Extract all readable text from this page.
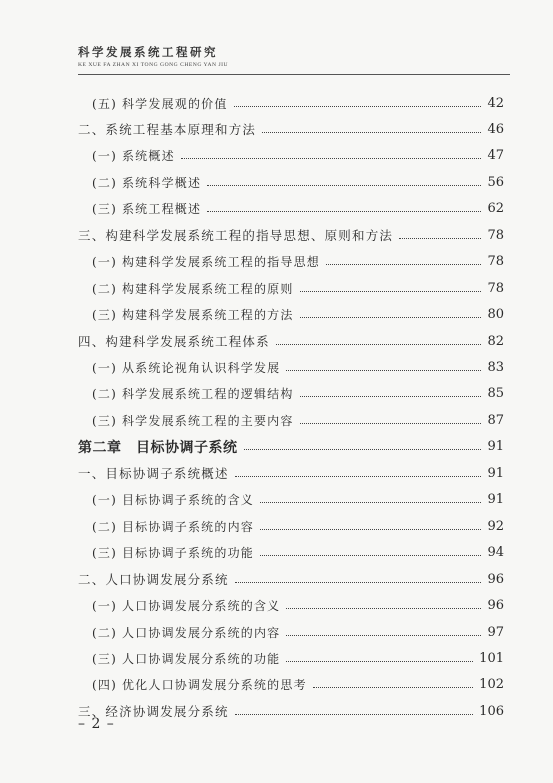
科学发展系统工程研究
KE XUE FA ZHAN XI TONG GONG CHENG YAN JIU
(五) 科学发展观的价值	42
二、系统工程基本原理和方法	46
(一) 系统概述	47
(二) 系统科学概述	56
(三) 系统工程概述	62
三、构建科学发展系统工程的指导思想、原则和方法	78
(一) 构建科学发展系统工程的指导思想	78
(二) 构建科学发展系统工程的原则	78
(三) 构建科学发展系统工程的方法	80
四、构建科学发展系统工程体系	82
(一) 从系统论视角认识科学发展	83
(二) 科学发展系统工程的逻辑结构	85
(三) 科学发展系统工程的主要内容	87
第二章　目标协调子系统	91
一、目标协调子系统概述	91
(一) 目标协调子系统的含义	91
(二) 目标协调子系统的内容	92
(三) 目标协调子系统的功能	94
二、人口协调发展分系统	96
(一) 人口协调发展分系统的含义	96
(二) 人口协调发展分系统的内容	97
(三) 人口协调发展分系统的功能	101
(四) 优化人口协调发展分系统的思考	102
三、经济协调发展分系统	106
– 2 –
